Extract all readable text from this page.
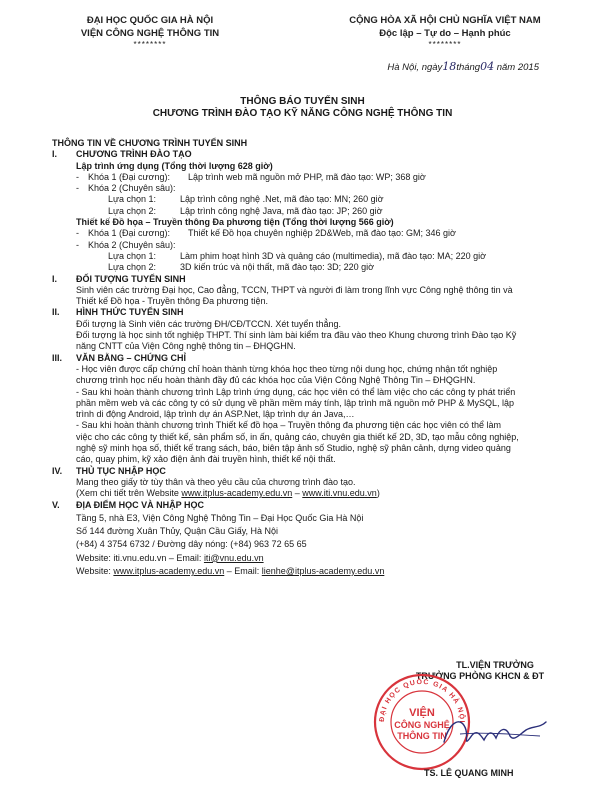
ĐẠI HỌC QUỐC GIA HÀ NỘI
VIỆN CÔNG NGHỆ THÔNG TIN
********
CỘNG HÒA XÃ HỘI CHỦ NGHĨA VIỆT NAM
Độc lập – Tự do – Hạnh phúc
********
Hà Nội, ngày18tháng04 năm 2015
THÔNG BÁO TUYỂN SINH
CHƯƠNG TRÌNH ĐÀO TẠO KỸ NĂNG CÔNG NGHỆ THÔNG TIN
THÔNG TIN VỀ CHƯƠNG TRÌNH TUYỂN SINH
I.	CHƯƠNG TRÌNH ĐÀO TẠO
Lập trình ứng dụng (Tổng thời lượng 628 giờ)
-	Khóa 1 (Đại cương): Lập trình web mã nguồn mở PHP, mã đào tạo: WP; 368 giờ
-	Khóa 2 (Chuyên sâu):
Lựa chọn 1:	Lập trình công nghệ .Net, mã đào tạo: MN; 260 giờ
Lựa chọn 2:	Lập trình công nghệ Java, mã đào tạo: JP; 260 giờ
Thiết kế Đồ họa – Truyền thông Đa phương tiện (Tổng thời lượng 566 giờ)
-	Khóa 1 (Đại cương): Thiết kế Đồ họa chuyên nghiệp 2D&Web, mã đào tạo: GM; 346 giờ
-	Khóa 2 (Chuyên sâu):
Lựa chọn 1:	Làm phim hoạt hình 3D và quảng cáo (multimedia), mã đào tạo: MA; 220 giờ
Lựa chọn 2:	3D kiến trúc và nội thất, mã đào tạo: 3D; 220 giờ
I.	ĐỐI TƯỢNG TUYỂN SINH
Sinh viên các trường Đại học, Cao đẳng, TCCN, THPT và người đi làm trong lĩnh vực Công nghệ thông tin và
Thiết kế Đồ họa - Truyền thông Đa phương tiện.
II.	HÌNH THỨC TUYỂN SINH
Đối tượng là Sinh viên các trường ĐH/CĐ/TCCN. Xét tuyển thẳng.
Đối tượng là học sinh tốt nghiệp THPT. Thí sinh làm bài kiểm tra đầu vào theo Khung chương trình Đào tạo Kỹ
năng CNTT của Viện Công nghệ thông tin – ĐHQGHN.
III.	VĂN BẰNG – CHỨNG CHỈ
- Học viên được cấp chứng chỉ hoàn thành từng khóa học theo từng nội dung học, chứng nhận tốt nghiệp
chương trình học nếu hoàn thành đầy đủ các khóa học của Viện Công Nghệ Thông Tin – ĐHQGHN.
- Sau khi hoàn thành chương trình Lập trình ứng dụng, các học viên có thể làm việc cho các công ty phát triển
phần mềm web và các công ty có sử dụng về phần mềm máy tính, lập trình mã nguồn mở PHP & MySQL, lập
trình di động Android, lập trình dự án ASP.Net, lập trình dự án Java,…
- Sau khi hoàn thành chương trình Thiết kế đồ họa – Truyền thông đa phương tiện các học viên có thể làm
việc cho các công ty thiết kế, sản phẩm số, in ấn, quảng cáo, chuyên gia thiết kế 2D, 3D, tạo mẫu công nghiệp,
nghệ sỹ minh họa số, thiết kế trang sách, báo, biên tập ảnh số Studio, nghệ sỹ phân cảnh, dựng video quảng
cáo, quay phim, kỹ xảo điện ảnh đài truyền hình, thiết kế nội thất.
IV.	THỦ TỤC NHẬP HỌC
Mang theo giấy tờ tùy thân và theo yêu cầu của chương trình đào tạo.
(Xem chi tiết trên Website www.itplus-academy.edu.vn – www.iti.vnu.edu.vn)
V.	ĐỊA ĐIỂM HỌC VÀ NHẬP HỌC
Tầng 5, nhà E3, Viện Công Nghệ Thông Tin – Đại Học Quốc Gia Hà Nội
Số 144 đường Xuân Thủy, Quận Cầu Giấy, Hà Nội
(+84) 4 3754 6732 / Đường dây nóng: (+84) 963 72 65 65
Website: iti.vnu.edu.vn – Email: iti@vnu.edu.vn
Website: www.itplus-academy.edu.vn – Email: lienhe@itplus-academy.edu.vn
TL.VIỆN TRƯỞNG
TRƯỞNG PHÒNG KHCN & ĐT
ĐẠI HỌC QUỐC GIA HÀ NỘI
VIỆN
CÔNG NGHỆ
THÔNG TIN
TS. LÊ QUANG MINH
